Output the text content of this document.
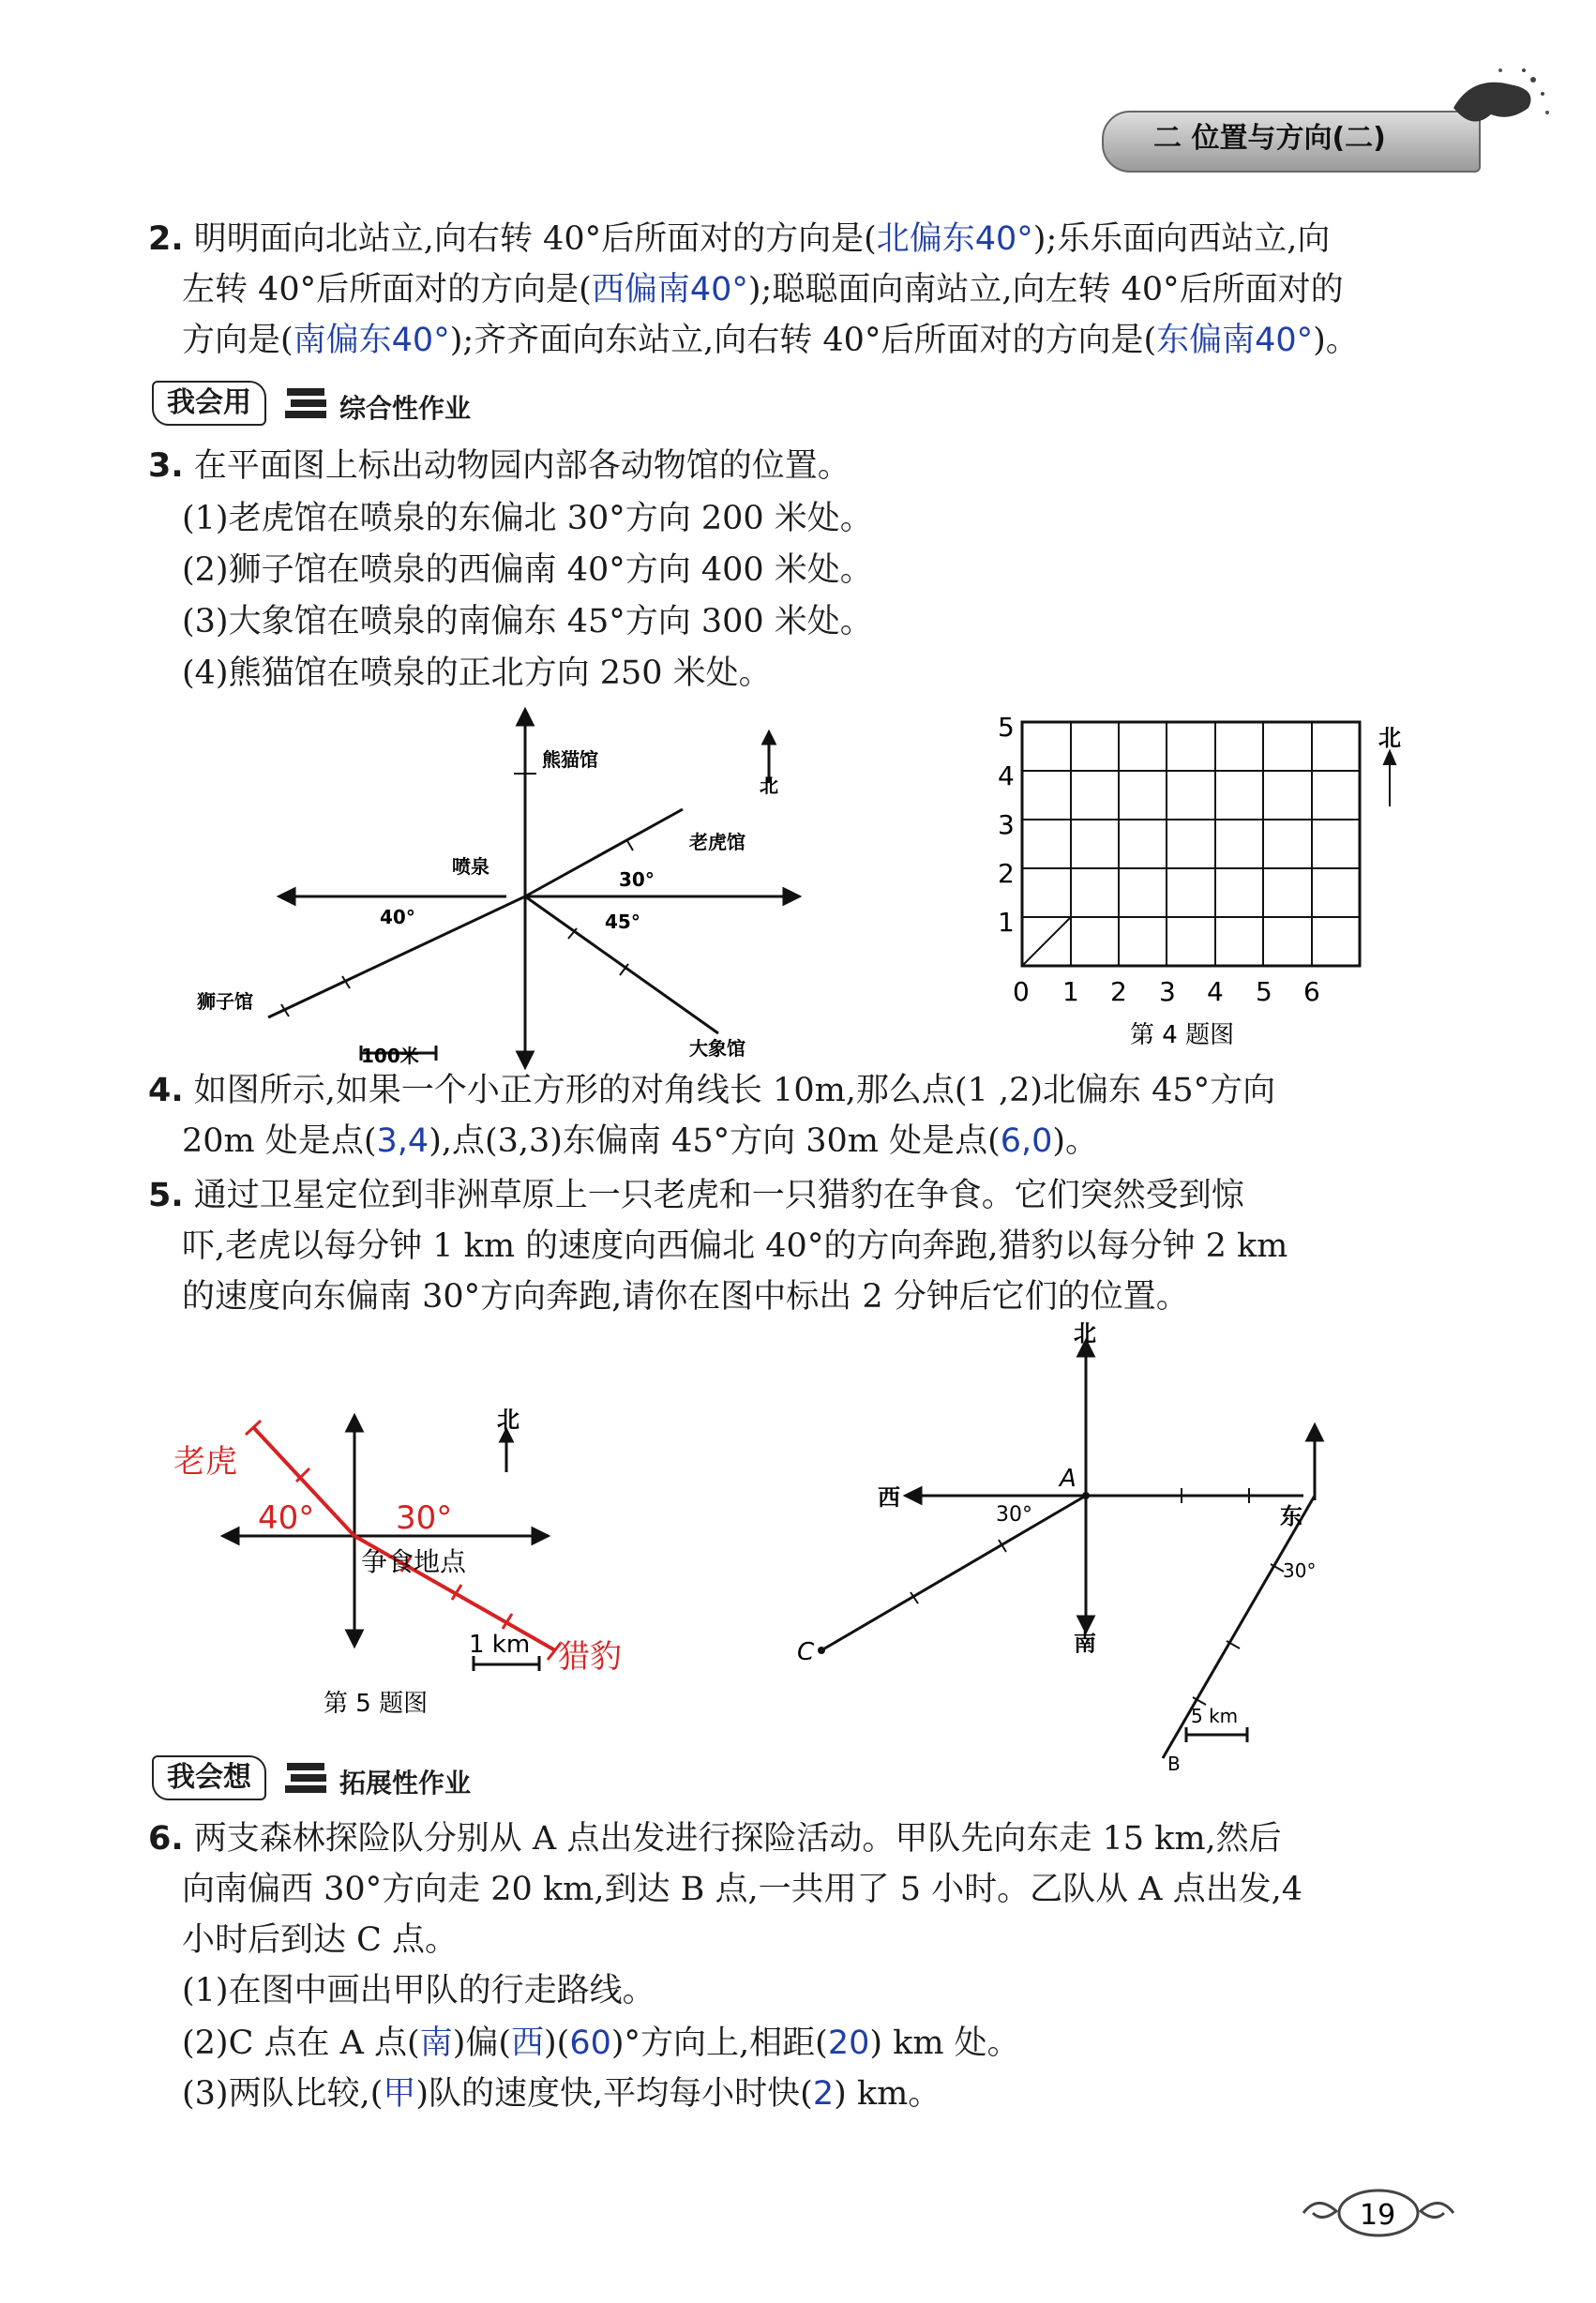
二 位置与方向(二)
2. 明明面向北站立,向右转 40°后所面对的方向是(北偏东40°);乐乐面向西站立,向
左转 40°后所面对的方向是(西偏南40°);聪聪面向南站立,向左转 40°后所面对的
方向是(南偏东40°);齐齐面向东站立,向右转 40°后所面对的方向是(东偏南40°)。
我会用	综合性作业
3. 在平面图上标出动物园内部各动物馆的位置。
(1)老虎馆在喷泉的东偏北 30°方向 200 米处。
(2)狮子馆在喷泉的西偏南 40°方向 400 米处。
(3)大象馆在喷泉的南偏东 45°方向 300 米处。
(4)熊猫馆在喷泉的正北方向 250 米处。
熊猫馆
喷泉
老虎馆
狮子馆
大象馆
北
30°
40°	45°
100米
5
4
3
2
1
0 1 2 3 4 5 6
北
第 4 题图
4. 如图所示,如果一个小正方形的对角线长 10m,那么点(1 ,2)北偏东 45°方向
20m 处是点(3,4),点(3,3)东偏南 45°方向 30m 处是点(6,0)。
5. 通过卫星定位到非洲草原上一只老虎和一只猎豹在争食。它们突然受到惊
吓,老虎以每分钟 1 km 的速度向西偏北 40°的方向奔跑,猎豹以每分钟 2 km
的速度向东偏南 30°方向奔跑,请你在图中标出 2 分钟后它们的位置。
老虎
猎豹
40°	30°
北
争食地点
1 km
第 5 题图
北
南
西
东
A
C
B
30°
30°
5 km
我会想	拓展性作业
6. 两支森林探险队分别从 A 点出发进行探险活动。甲队先向东走 15 km,然后
向南偏西 30°方向走 20 km,到达 B 点,一共用了 5 小时。乙队从 A 点出发,4
小时后到达 C 点。
(1)在图中画出甲队的行走路线。
(2)C 点在 A 点(南)偏(西)(60)°方向上,相距(20) km 处。
(3)两队比较,(甲)队的速度快,平均每小时快(2) km。
19
